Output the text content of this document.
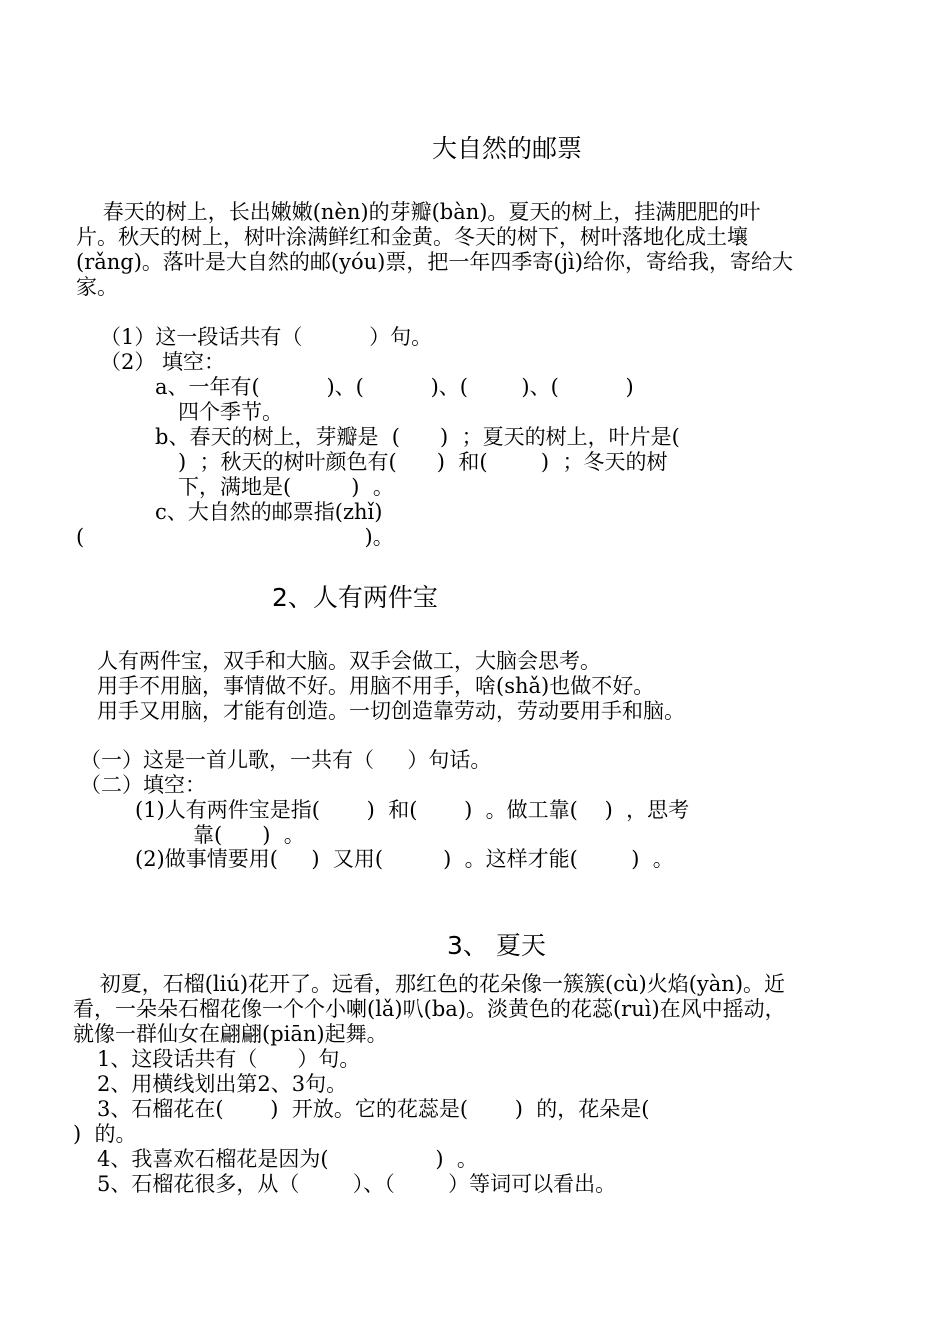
大自然的邮票
春天的树上，长出嫩嫩(nèn)的芽瓣(bàn)。夏天的树上，挂满肥肥的叶
片。秋天的树上，树叶涂满鲜红和金黄。冬天的树下，树叶落地化成土壤
(rǎng)。落叶是大自然的邮(yóu)票，把一年四季寄(jì)给你，寄给我，寄给大
家。
（1）这一段话共有（          ）句。
（2） 填空：
a、一年有(          )、(          )、(        )、(          )
四个季节。
b、春天的树上，芽瓣是  (      )  ；夏天的树上，叶片是(
)  ；秋天的树叶颜色有(      )  和(        )  ；冬天的树
下，满地是(         )  。
c、大自然的邮票指(zhǐ)
(                                          )。
2、人有两件宝
人有两件宝，双手和大脑。双手会做工，大脑会思考。
用手不用脑，事情做不好。用脑不用手，啥(shǎ)也做不好。
用手又用脑，才能有创造。一切创造靠劳动，劳动要用手和脑。
（一）这是一首儿歌，一共有（     ）句话。
（二）填空：
(1)人有两件宝是指(       )  和(       )  。做工靠(    )  ，思考
靠(      )  。
(2)做事情要用(     )  又用(         )  。这样才能(        )  。
3、 夏天
初夏，石榴(liú)花开了。远看，那红色的花朵像一簇簇(cù)火焰(yàn)。近
看，一朵朵石榴花像一个个小喇(lǎ)叭(ba)。淡黄色的花蕊(ruì)在风中摇动，
就像一群仙女在翩翩(piān)起舞。
1、这段话共有（      ）句。
2、用横线划出第2、3句。
3、石榴花在(       )  开放。它的花蕊是(       )  的，花朵是(
)  的。
4、我喜欢石榴花是因为(                )  。
5、石榴花很多，从（        ）、（        ）等词可以看出。
